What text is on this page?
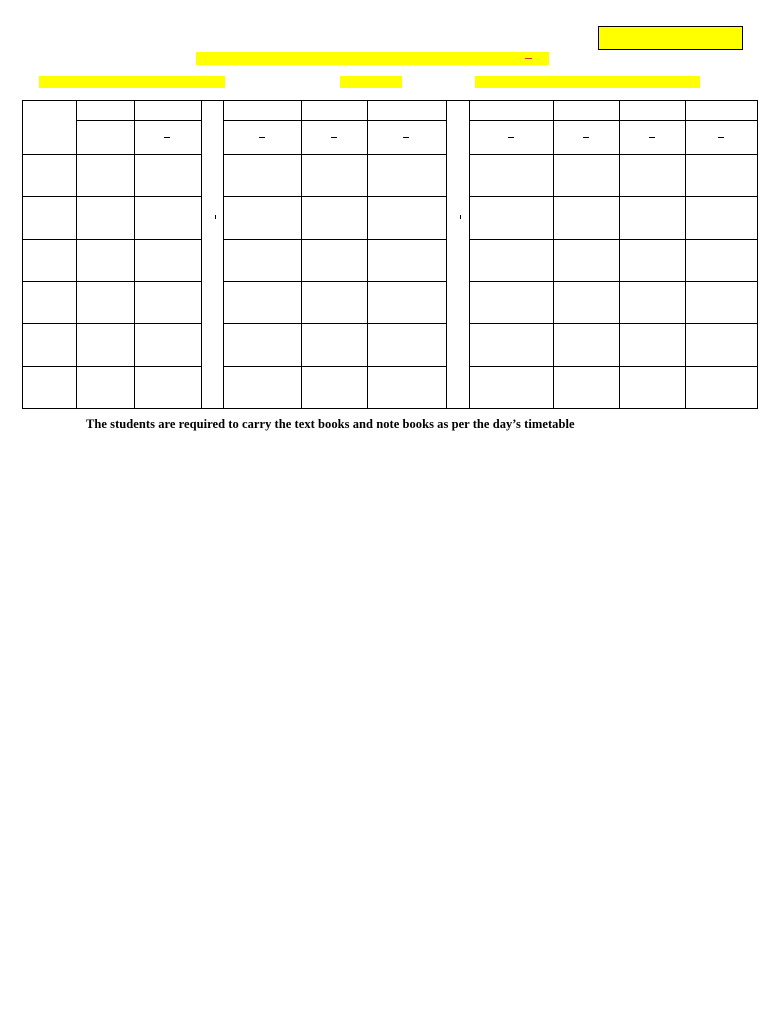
The students are required to carry the text books and note books as per the day’s timetable
